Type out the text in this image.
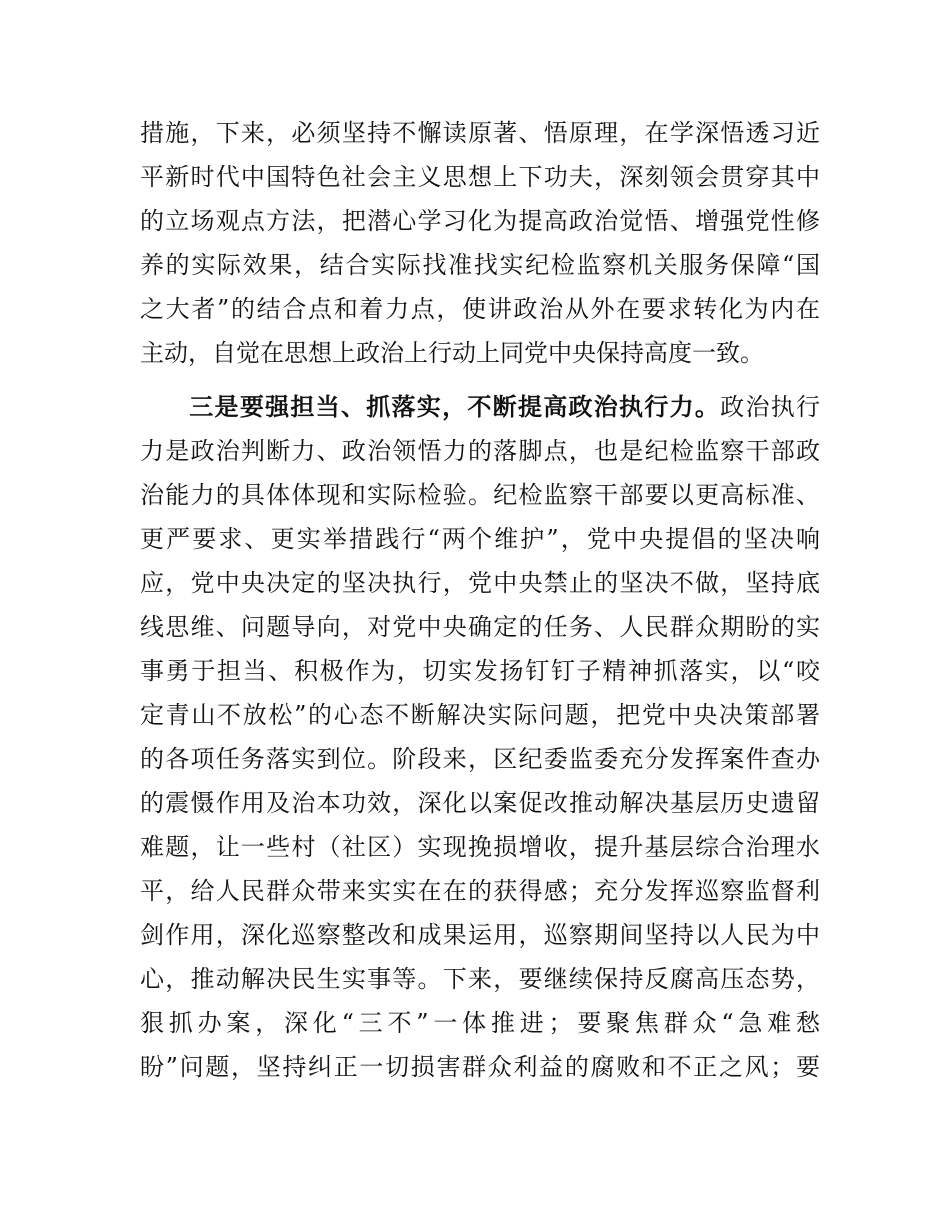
措施，下来，必须坚持不懈读原著、悟原理，在学深悟透习近
平新时代中国特色社会主义思想上下功夫，深刻领会贯穿其中
的立场观点方法，把潜心学习化为提高政治觉悟、增强党性修
养的实际效果，结合实际找准找实纪检监察机关服务保障“国
之大者”的结合点和着力点，使讲政治从外在要求转化为内在
主动，自觉在思想上政治上行动上同党中央保持高度一致。
三是要强担当、抓落实，不断提高政治执行力。政治执行
力是政治判断力、政治领悟力的落脚点，也是纪检监察干部政
治能力的具体体现和实际检验。纪检监察干部要以更高标准、
更严要求、更实举措践行“两个维护”，党中央提倡的坚决响
应，党中央决定的坚决执行，党中央禁止的坚决不做，坚持底
线思维、问题导向，对党中央确定的任务、人民群众期盼的实
事勇于担当、积极作为，切实发扬钉钉子精神抓落实，以“咬
定青山不放松”的心态不断解决实际问题，把党中央决策部署
的各项任务落实到位。阶段来，区纪委监委充分发挥案件查办
的震慑作用及治本功效，深化以案促改推动解决基层历史遗留
难题，让一些村（社区）实现挽损增收，提升基层综合治理水
平，给人民群众带来实实在在的获得感；充分发挥巡察监督利
剑作用，深化巡察整改和成果运用，巡察期间坚持以人民为中
心，推动解决民生实事等。下来，要继续保持反腐高压态势，
狠抓办案，深化“三不”一体推进；要聚焦群众“急难愁
盼”问题，坚持纠正一切损害群众利益的腐败和不正之风；要
